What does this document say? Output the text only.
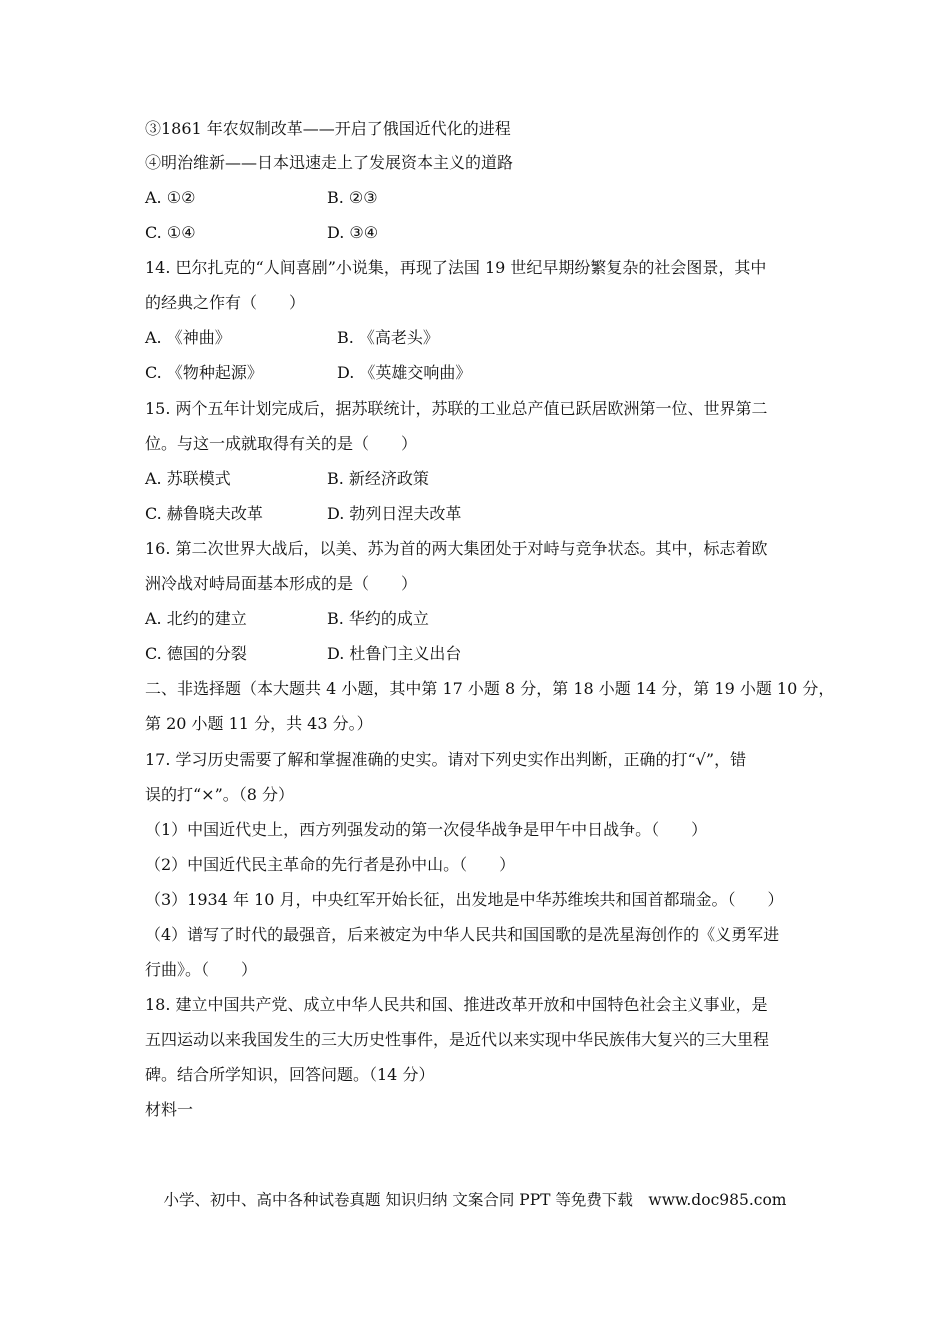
③1861 年农奴制改革——开启了俄国近代化的进程
④明治维新——日本迅速走上了发展资本主义的道路
A. ①②	B. ②③
C. ①④	D. ③④
14. 巴尔扎克的“人间喜剧”小说集，再现了法国 19 世纪早期纷繁复杂的社会图景，其中
的经典之作有（　　）
A. 《神曲》	B. 《高老头》
C. 《物种起源》	D. 《英雄交响曲》
15. 两个五年计划完成后，据苏联统计，苏联的工业总产值已跃居欧洲第一位、世界第二
位。与这一成就取得有关的是（　　）
A. 苏联模式	B. 新经济政策
C. 赫鲁晓夫改革	D. 勃列日涅夫改革
16. 第二次世界大战后，以美、苏为首的两大集团处于对峙与竞争状态。其中，标志着欧
洲冷战对峙局面基本形成的是（　　）
A. 北约的建立	B. 华约的成立
C. 德国的分裂	D. 杜鲁门主义出台
二、非选择题（本大题共 4 小题，其中第 17 小题 8 分，第 18 小题 14 分，第 19 小题 10 分，
第 20 小题 11 分，共 43 分。）
17. 学习历史需要了解和掌握准确的史实。请对下列史实作出判断，正确的打“√”，错
误的打“×”。（8 分）
（1）中国近代史上，西方列强发动的第一次侵华战争是甲午中日战争。（　　）
（2）中国近代民主革命的先行者是孙中山。（　　）
（3）1934 年 10 月，中央红军开始长征，出发地是中华苏维埃共和国首都瑞金。（　　）
（4）谱写了时代的最强音，后来被定为中华人民共和国国歌的是冼星海创作的《义勇军进
行曲》。（　　）
18. 建立中国共产党、成立中华人民共和国、推进改革开放和中国特色社会主义事业，是
五四运动以来我国发生的三大历史性事件，是近代以来实现中华民族伟大复兴的三大里程
碑。结合所学知识，回答问题。（14 分）
材料一
小学、初中、高中各种试卷真题 知识归纳 文案合同 PPT 等免费下载　www.doc985.com
